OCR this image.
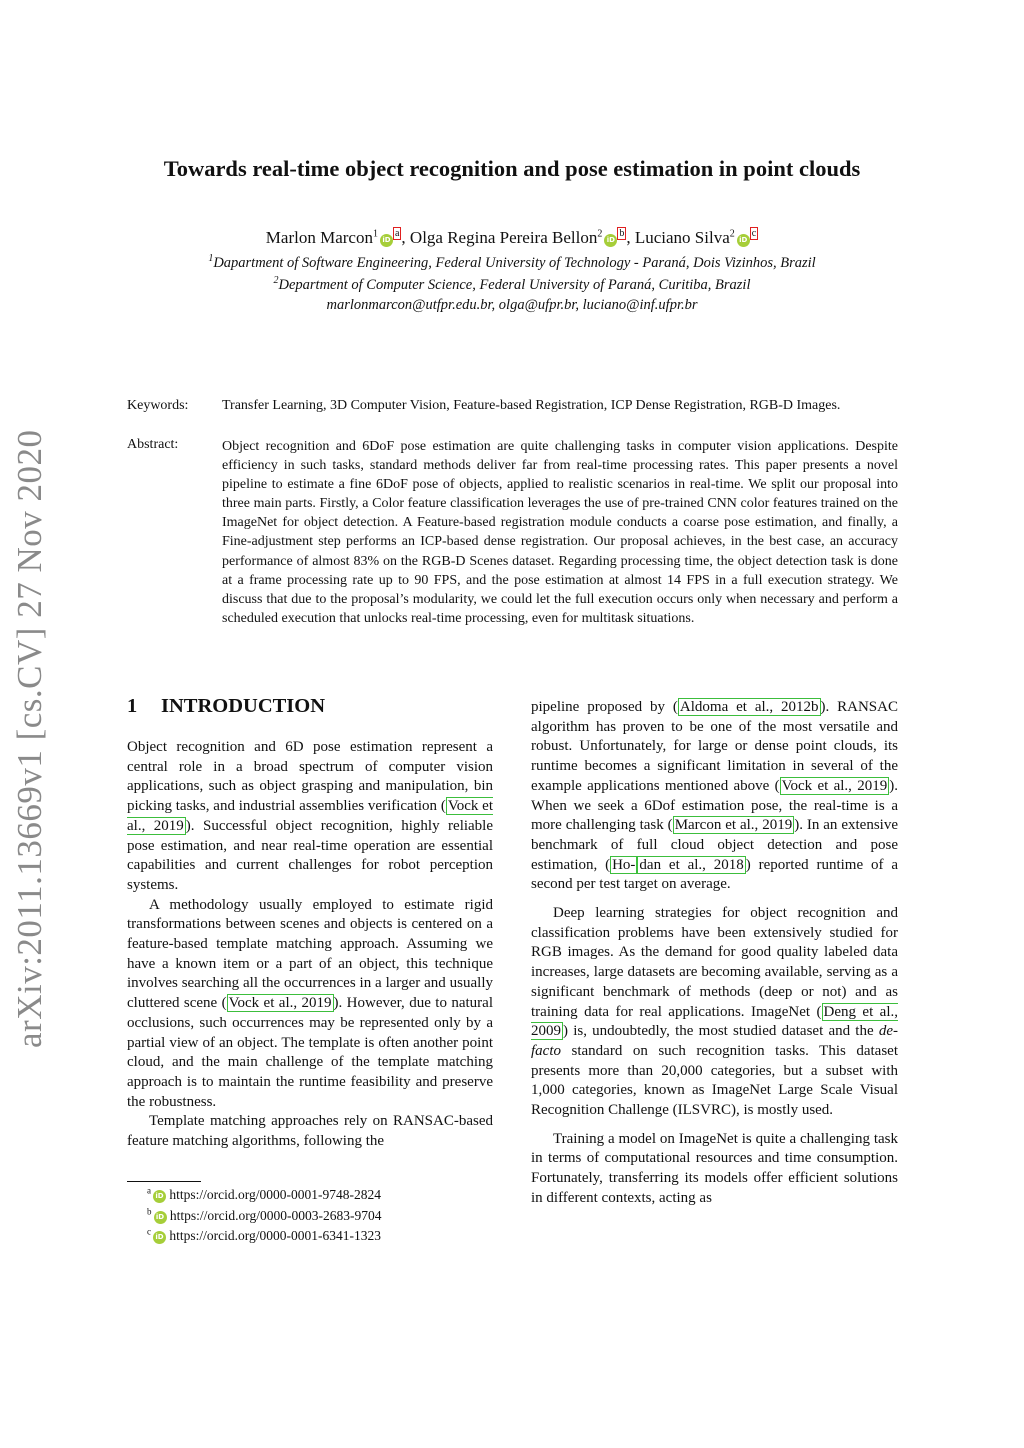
arXiv:2011.13669v1 [cs.CV] 27 Nov 2020
Towards real-time object recognition and pose estimation in point clouds
Marlon $Marcon^1iD^a$ , Olga Regina Pereira $Bellon^2iD^b$ , Luciano $Silva^2iD^c$
$^1$Dapartment of Software Engineering, Federal University of Technology - Paraná, Dois Vizinhos, Brazil
$^2$Department of Computer Science, Federal University of Paraná, Curitiba, Brazil
marlonmarcon@utfpr.edu.br, olga@ufpr.br, luciano@inf.ufpr.br
Keywords: Transfer Learning, 3D Computer Vision, Feature-based Registration, ICP Dense Registration, RGB-D Images.
Abstract:	Object recognition and 6DoF pose estimation are quite challenging tasks in computer vision applications. Despite efficiency in such tasks, standard methods deliver far from real-time processing rates. This paper presents a novel pipeline to estimate a fine 6DoF pose of objects, applied to realistic scenarios in real-time. We split our proposal into three main parts. Firstly, a Color feature classification leverages the use of pre-trained CNN color features trained on the ImageNet for object detection. A Feature-based registration module conducts a coarse pose estimation, and finally, a Fine-adjustment step performs an ICP-based dense registration. Our proposal achieves, in the best case, an accuracy performance of almost 83% on the RGB-D Scenes dataset. Regarding processing time, the object detection task is done at a frame processing rate up to 90 FPS, and the pose estimation at almost 14 FPS in a full execution strategy. We discuss that due to the proposal’s modularity, we could let the full execution occurs only when necessary and perform a scheduled execution that unlocks real-time processing, even for multitask situations.
1 INTRODUCTION

Object recognition and 6D pose estimation represent a central role in a broad spectrum of computer vision applications, such as object grasping and manipulation, bin picking tasks, and industrial assemblies verification ( Vock et al., 2019 ). Successful object recognition, highly reliable pose estimation, and near real-time operation are essential capabilities and current challenges for robot perception systems.

A methodology usually employed to estimate rigid transformations between scenes and objects is centered on a feature-based template matching approach. Assuming we have a known item or a part of an object, this technique involves searching all the occurrences in a larger and usually cluttered scene ( Vock et al., 2019 ). However, due to natural occlusions, such occurrences may be represented only by a partial view of an object. The template is often another point cloud, and the main challenge of the template matching approach is to maintain the runtime feasibility and preserve the robustness.

Template matching approaches rely on RANSAC-based feature matching algorithms, following the

pipeline proposed by ( Aldoma et al., 2012b ). RANSAC algorithm has proven to be one of the most versatile and robust. Unfortunately, for large or dense point clouds, its runtime becomes a significant limitation in several of the example applications mentioned above ( Vock et al., 2019 ). When we seek a 6Dof estimation pose, the real-time is a more challenging task ( Marcon et al., 2019 ). In an extensive benchmark of full cloud object detection and pose estimation, ( Ho- dan et al., 2018 ) reported runtime of a second per test target on average.

Deep learning strategies for object recognition and classification problems have been extensively studied for RGB images. As the demand for good quality labeled data increases, large datasets are becoming available, serving as a significant benchmark of methods (deep or not) and as training data for real applications. ImageNet ( Deng et al., 2009 ) is, undoubtedly, the most studied dataset and the de-facto standard on such recognition tasks. This dataset presents more than 20,000 categories, but a subset with 1,000 categories, known as ImageNet Large Scale Visual Recognition Challenge (ILSVRC), is mostly used.

Training a model on ImageNet is quite a challenging task in terms of computational resources and time consumption. Fortunately, transferring its models offer efficient solutions in different contexts, acting as

$^a$iD https://orcid.org/0000-0001-9748-2824
$^b$iD https://orcid.org/0000-0003-2683-9704
$^c$iD https://orcid.org/0000-0001-6341-1323
